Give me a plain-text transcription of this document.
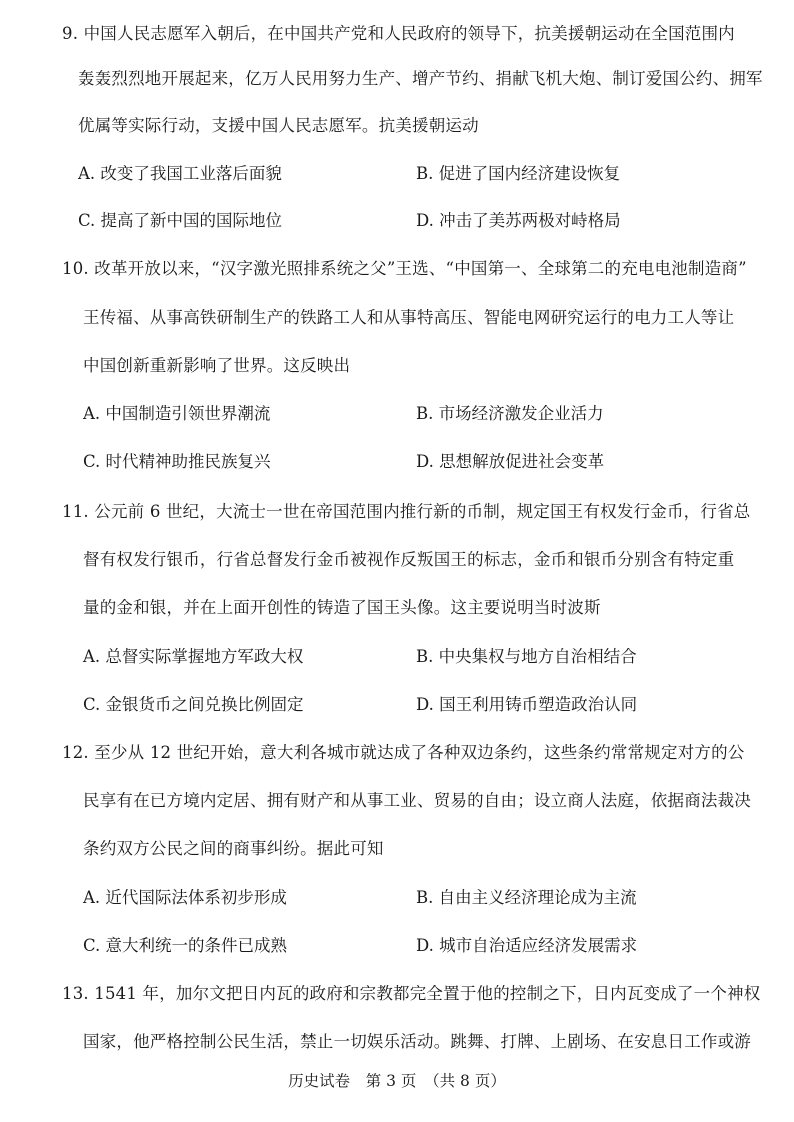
9. 中国人民志愿军入朝后，在中国共产党和人民政府的领导下，抗美援朝运动在全国范围内
轰轰烈烈地开展起来，亿万人民用努力生产、增产节约、捐献飞机大炮、制订爱国公约、拥军
优属等实际行动，支援中国人民志愿军。抗美援朝运动
A. 改变了我国工业落后面貌	B. 促进了国内经济建设恢复
C. 提高了新中国的国际地位	D. 冲击了美苏两极对峙格局
10. 改革开放以来，“汉字激光照排系统之父”王选、“中国第一、全球第二的充电电池制造商”
王传福、从事高铁研制生产的铁路工人和从事特高压、智能电网研究运行的电力工人等让
中国创新重新影响了世界。这反映出
A. 中国制造引领世界潮流	B. 市场经济激发企业活力
C. 时代精神助推民族复兴	D. 思想解放促进社会变革
11. 公元前 6 世纪，大流士一世在帝国范围内推行新的币制，规定国王有权发行金币，行省总
督有权发行银币，行省总督发行金币被视作反叛国王的标志，金币和银币分别含有特定重
量的金和银，并在上面开创性的铸造了国王头像。这主要说明当时波斯
A. 总督实际掌握地方军政大权	B. 中央集权与地方自治相结合
C. 金银货币之间兑换比例固定	D. 国王利用铸币塑造政治认同
12. 至少从 12 世纪开始，意大利各城市就达成了各种双边条约，这些条约常常规定对方的公
民享有在已方境内定居、拥有财产和从事工业、贸易的自由；设立商人法庭，依据商法裁决
条约双方公民之间的商事纠纷。据此可知
A. 近代国际法体系初步形成	B. 自由主义经济理论成为主流
C. 意大利统一的条件已成熟	D. 城市自治适应经济发展需求
13. 1541 年，加尔文把日内瓦的政府和宗教都完全置于他的控制之下，日内瓦变成了一个神权
国家，他严格控制公民生活，禁止一切娱乐活动。跳舞、打牌、上剧场、在安息日工作或游
历史试卷　第 3 页　（共 8 页）
